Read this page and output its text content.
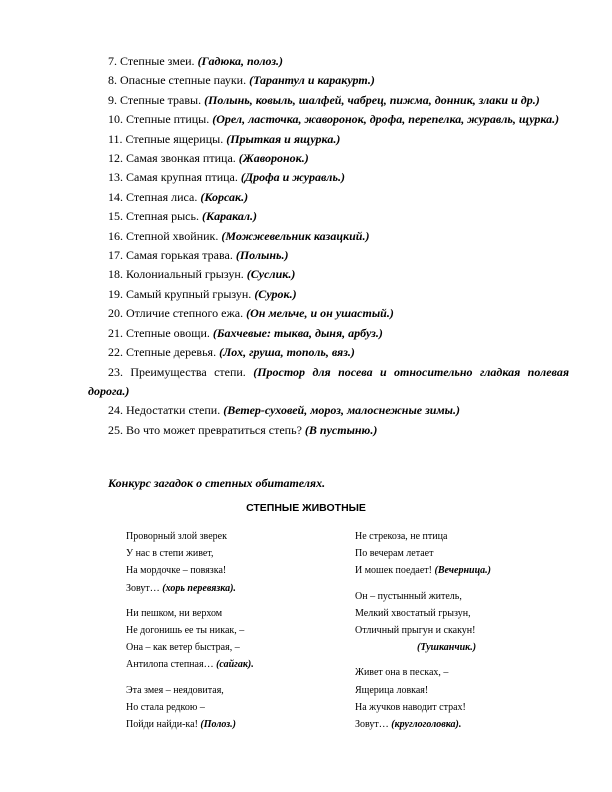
7. Степные змеи. (Гадюка, полоз.)

8. Опасные степные пауки. (Тарантул и каракурт.)

9. Степные травы. (Полынь, ковыль, шалфей, чабрец, пижма, донник, злаки и др.)

10. Степные птицы. (Орел, ласточка, жаворонок, дрофа, перепелка, журавль, щурка.)

11. Степные ящерицы. (Прыткая и ящурка.)

12. Самая звонкая птица. (Жаворонок.)

13. Самая крупная птица. (Дрофа и журавль.)

14. Степная лиса. (Корсак.)

15. Степная рысь. (Каракал.)

16. Степной хвойник. (Можжевельник казацкий.)

17. Самая горькая трава. (Полынь.)

18. Колониальный грызун. (Суслик.)

19. Самый крупный грызун. (Сурок.)

20. Отличие степного ежа. (Он мельче, и он ушастый.)

21. Степные овощи. (Бахчевые: тыква, дыня, арбуз.)

22. Степные деревья. (Лох, груша, тополь, вяз.)

23. Преимущества степи. (Простор для посева и относительно гладкая полевая дорога.)

24. Недостатки степи. (Ветер-суховей, мороз, малоснежные зимы.)

25. Во что может превратиться степь? (В пустыню.)

Конкурс загадок о степных обитателях.
СТЕПНЫЕ ЖИВОТНЫЕ
Проворный злой зверек
У нас в степи живет,
На мордочке – повязка!
Зовут… (хорь перевязка).
Ни пешком, ни верхом
Не догонишь ее ты никак, –
Она – как ветер быстрая, –
Антилопа степная… (сайгак).
Эта змея – неядовитая,
Но стала редкою –
Пойди найди-ка! (Полоз.)
Не стрекоза, не птица
По вечерам летает
И мошек поедает! (Вечерница.)
Он – пустынный житель,
Мелкий хвостатый грызун,
Отличный прыгун и скакун!
(Тушканчик.)
Живет она в песках, –
Ящерица ловкая!
На жучков наводит страх!
Зовут… (круглоголовка).
